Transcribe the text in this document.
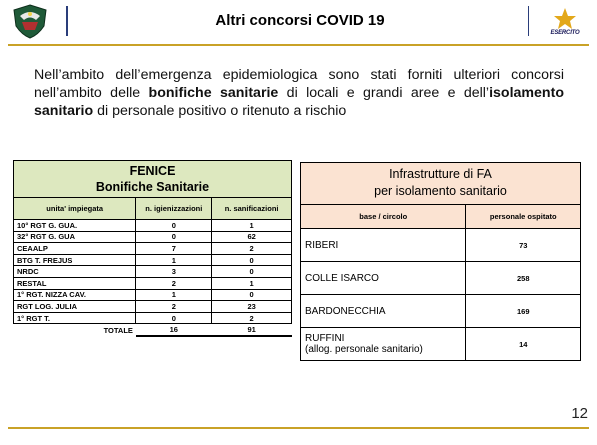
Altri concorsi COVID 19
ESERCITO

Nell’ambito dell’emergenza epidemiologica sono stati forniti ulteriori concorsi nell’ambito delle bonifiche sanitarie di locali e grandi aree e dell’isolamento sanitario di personale positivo o ritenuto a rischio

FENICE
Bonifiche Sanitarie		

unita' impiegata	n. igienizzazioni	n. sanificazioni
10° RGT G. GUA.	0	1
32° RGT G. GUA	0	62
CEAALP	7	2
BTG T. FREJUS	1	0
NRDC	3	0
RESTAL	2	1
1° RGT. NIZZA CAV.	1	0
RGT LOG. JULIA	2	23
1° RGT T.	0	2
TOTALE	16	91
Infrastrutture di FA
per isolamento sanitario	

base / circolo	personale ospitato
RIBERI	73
COLLE ISARCO	258
BARDONECCHIA	169

RUFFINI
(allog. personale sanitario)	14
12
